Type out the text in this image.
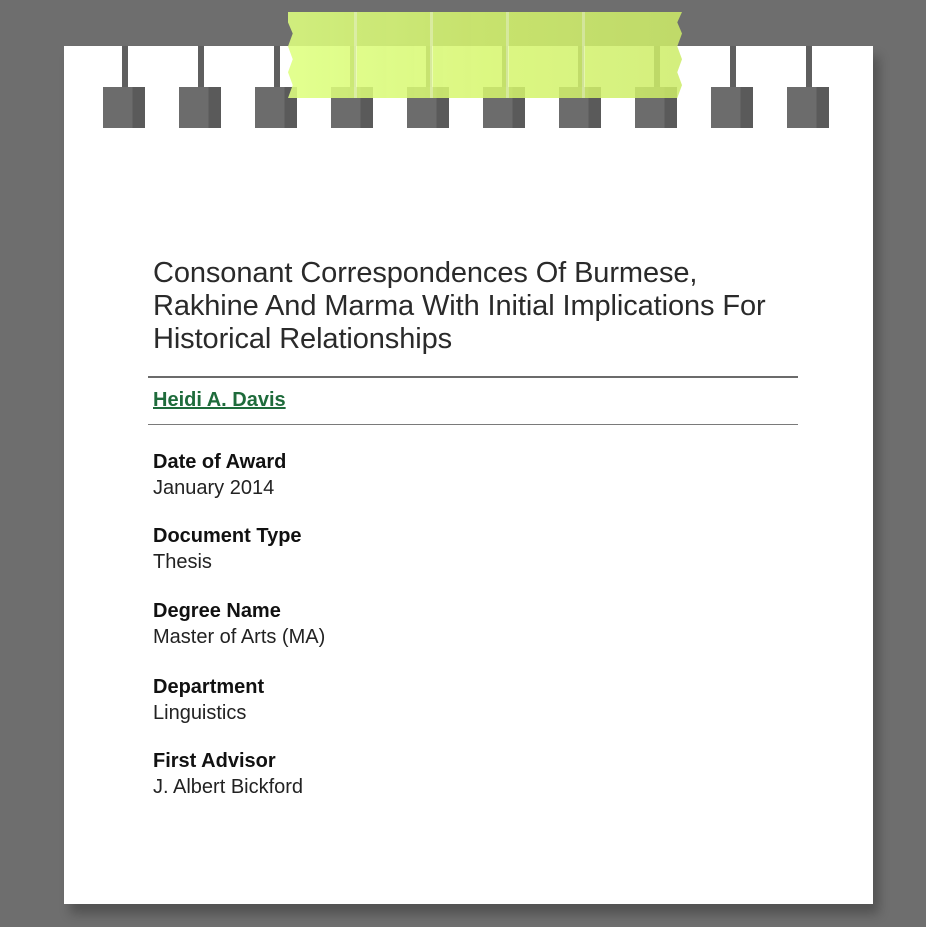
Consonant Correspondences Of Burmese, Rakhine And Marma With Initial Implications For Historical Relationships
Heidi A. Davis
Date of Award
January 2014
Document Type
Thesis
Degree Name
Master of Arts (MA)
Department
Linguistics
First Advisor
J. Albert Bickford
